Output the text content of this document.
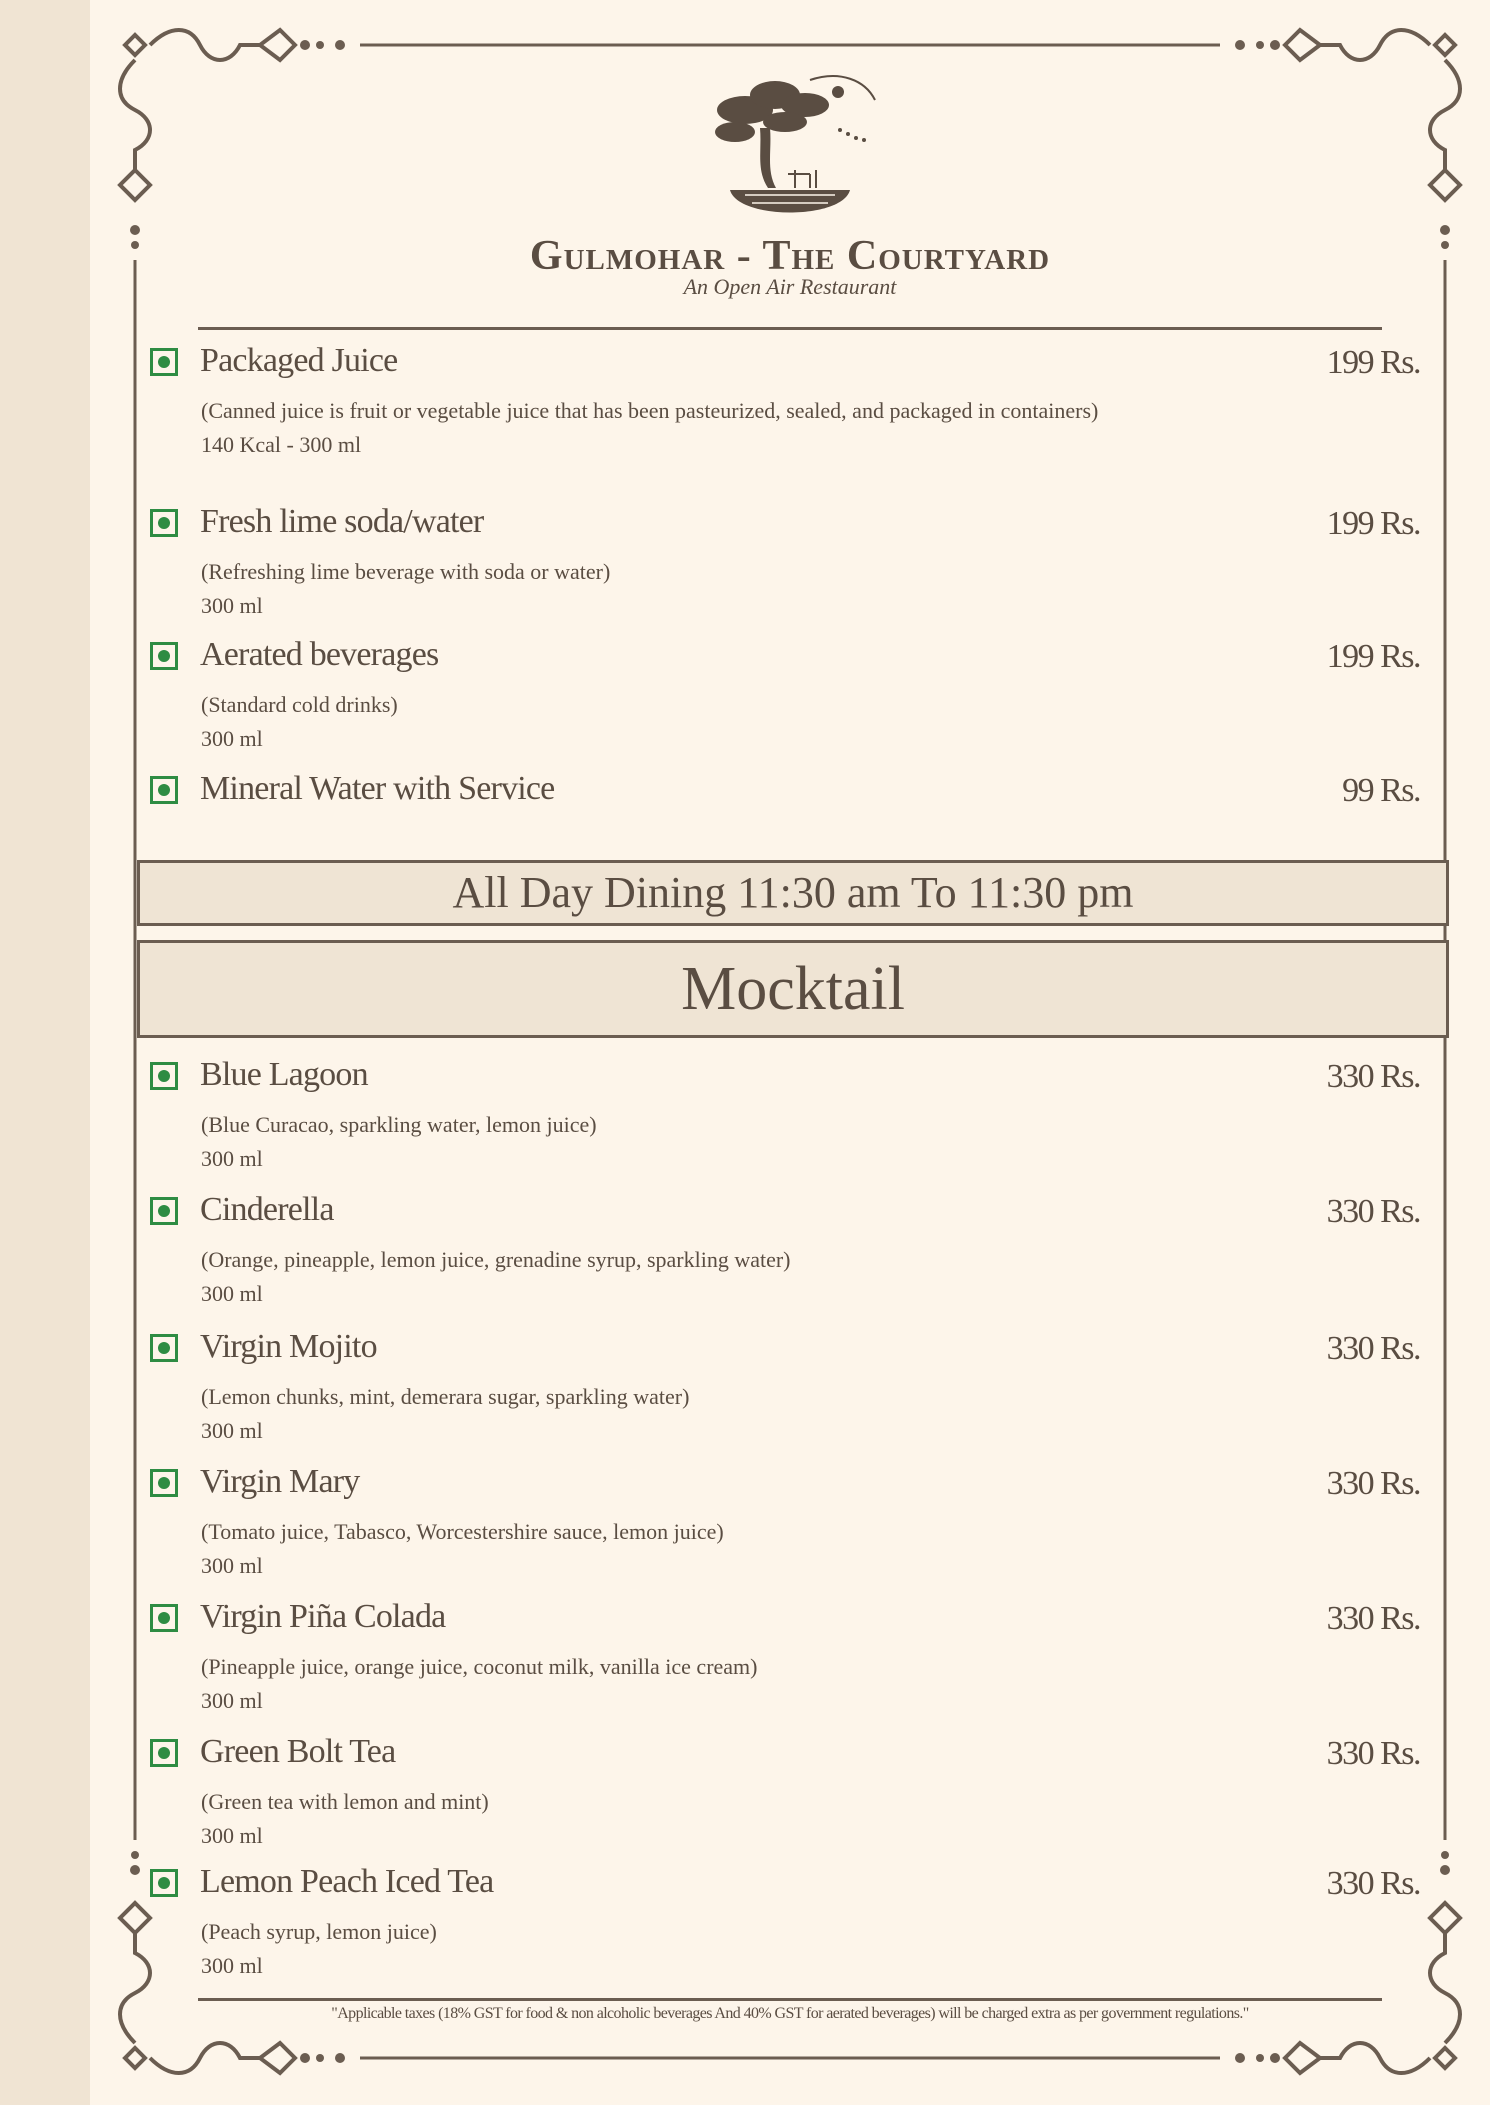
Gulmohar - The Courtyard
An Open Air Restaurant
Packaged Juice	199 Rs.
(Canned juice is fruit or vegetable juice that has been pasteurized, sealed, and packaged in containers)
140 Kcal - 300 ml
Fresh lime soda/water	199 Rs.
(Refreshing lime beverage with soda or water)
300 ml
Aerated beverages	199 Rs.
(Standard cold drinks)
300 ml
Mineral Water with Service	99 Rs.
All Day Dining 11:30 am To 11:30 pm
Mocktail
Blue Lagoon	330 Rs.
(Blue Curacao, sparkling water, lemon juice)
300 ml
Cinderella	330 Rs.
(Orange, pineapple, lemon juice, grenadine syrup, sparkling water)
300 ml
Virgin Mojito	330 Rs.
(Lemon chunks, mint, demerara sugar, sparkling water)
300 ml
Virgin Mary	330 Rs.
(Tomato juice, Tabasco, Worcestershire sauce, lemon juice)
300 ml
Virgin Piña Colada	330 Rs.
(Pineapple juice, orange juice, coconut milk, vanilla ice cream)
300 ml
Green Bolt Tea	330 Rs.
(Green tea with lemon and mint)
300 ml
Lemon Peach Iced Tea	330 Rs.
(Peach syrup, lemon juice)
300 ml
"Applicable taxes (18% GST for food & non alcoholic beverages And 40% GST for aerated beverages) will be charged extra as per government regulations."
